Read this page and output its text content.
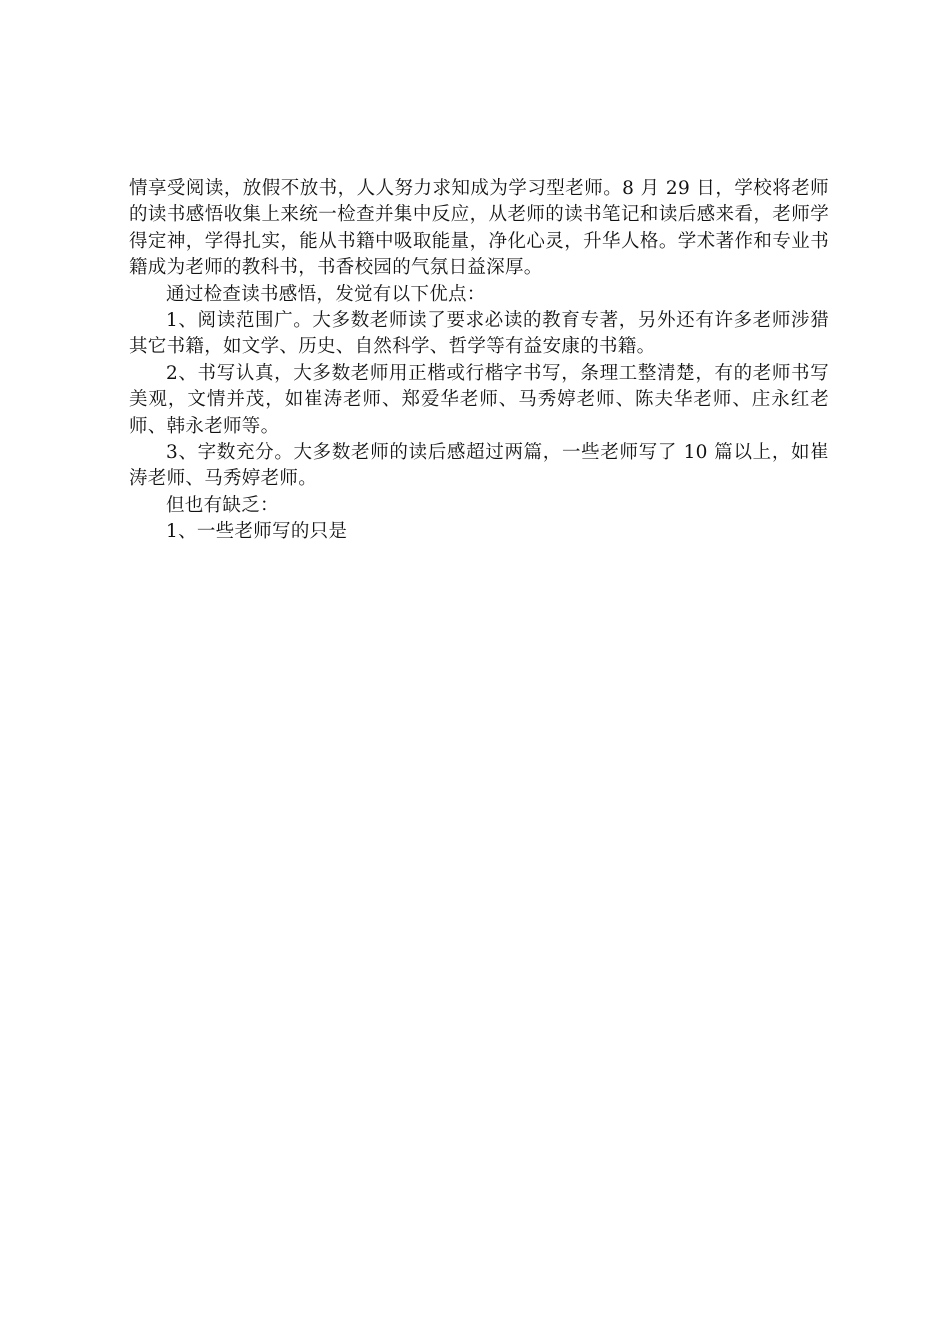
情享受阅读，放假不放书，人人努力求知成为学习型老师。8 月 29 日，学校将老师的读书感悟收集上来统一检查并集中反应，从老师的读书笔记和读后感来看，老师学得定神，学得扎实，能从书籍中吸取能量，净化心灵，升华人格。学术著作和专业书籍成为老师的教科书，书香校园的气氛日益深厚。

通过检查读书感悟，发觉有以下优点：

1、阅读范围广。大多数老师读了要求必读的教育专著，另外还有许多老师涉猎其它书籍，如文学、历史、自然科学、哲学等有益安康的书籍。

2、书写认真，大多数老师用正楷或行楷字书写，条理工整清楚，有的老师书写美观，文情并茂，如崔涛老师、郑爱华老师、马秀婷老师、陈夫华老师、庄永红老师、韩永老师等。

3、字数充分。大多数老师的读后感超过两篇，一些老师写了 10 篇以上，如崔涛老师、马秀婷老师。

但也有缺乏：

1、一些老师写的只是
